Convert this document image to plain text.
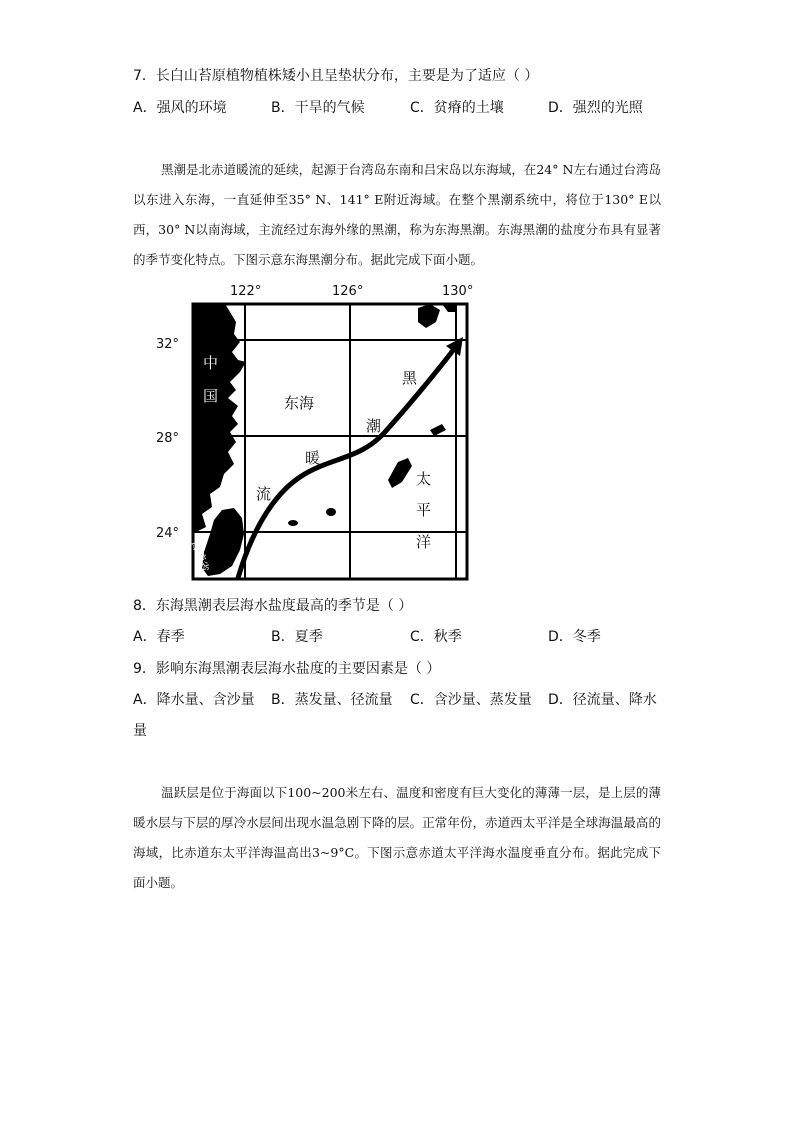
7．长白山苔原植物植株矮小且呈垫状分布，主要是为了适应（ ）
A．强风的环境	B．干旱的气候	C．贫瘠的土壤	D．强烈的光照
黑潮是北赤道暖流的延续，起源于台湾岛东南和吕宋岛以东海域，在24° N左右通过台湾岛以东进入东海，一直延伸至35° N、141° E附近海域。在整个黑潮系统中，将位于130° E以西，30° N以南海域，主流经过东海外缘的黑潮，称为东海黑潮。东海黑潮的盐度分布具有显著的季节变化特点。下图示意东海黑潮分布。据此完成下面小题。
122°	126°	130°
32°
28°
24°
中
国	东海
黑
潮
暖
流
太
平
洋
台湾省
8．东海黑潮表层海水盐度最高的季节是（ ）
A．春季	B．夏季	C．秋季	D．冬季
9．影响东海黑潮表层海水盐度的主要因素是（ ）
A．降水量、含沙量 B．蒸发量、径流量 C．含沙量、蒸发量 D．径流量、降水
量
温跃层是位于海面以下100~200米左右、温度和密度有巨大变化的薄薄一层，是上层的薄暖水层与下层的厚冷水层间出现水温急剧下降的层。正常年份，赤道西太平洋是全球海温最高的海域，比赤道东太平洋海温高出3~9°C。下图示意赤道太平洋海水温度垂直分布。据此完成下面小题。
